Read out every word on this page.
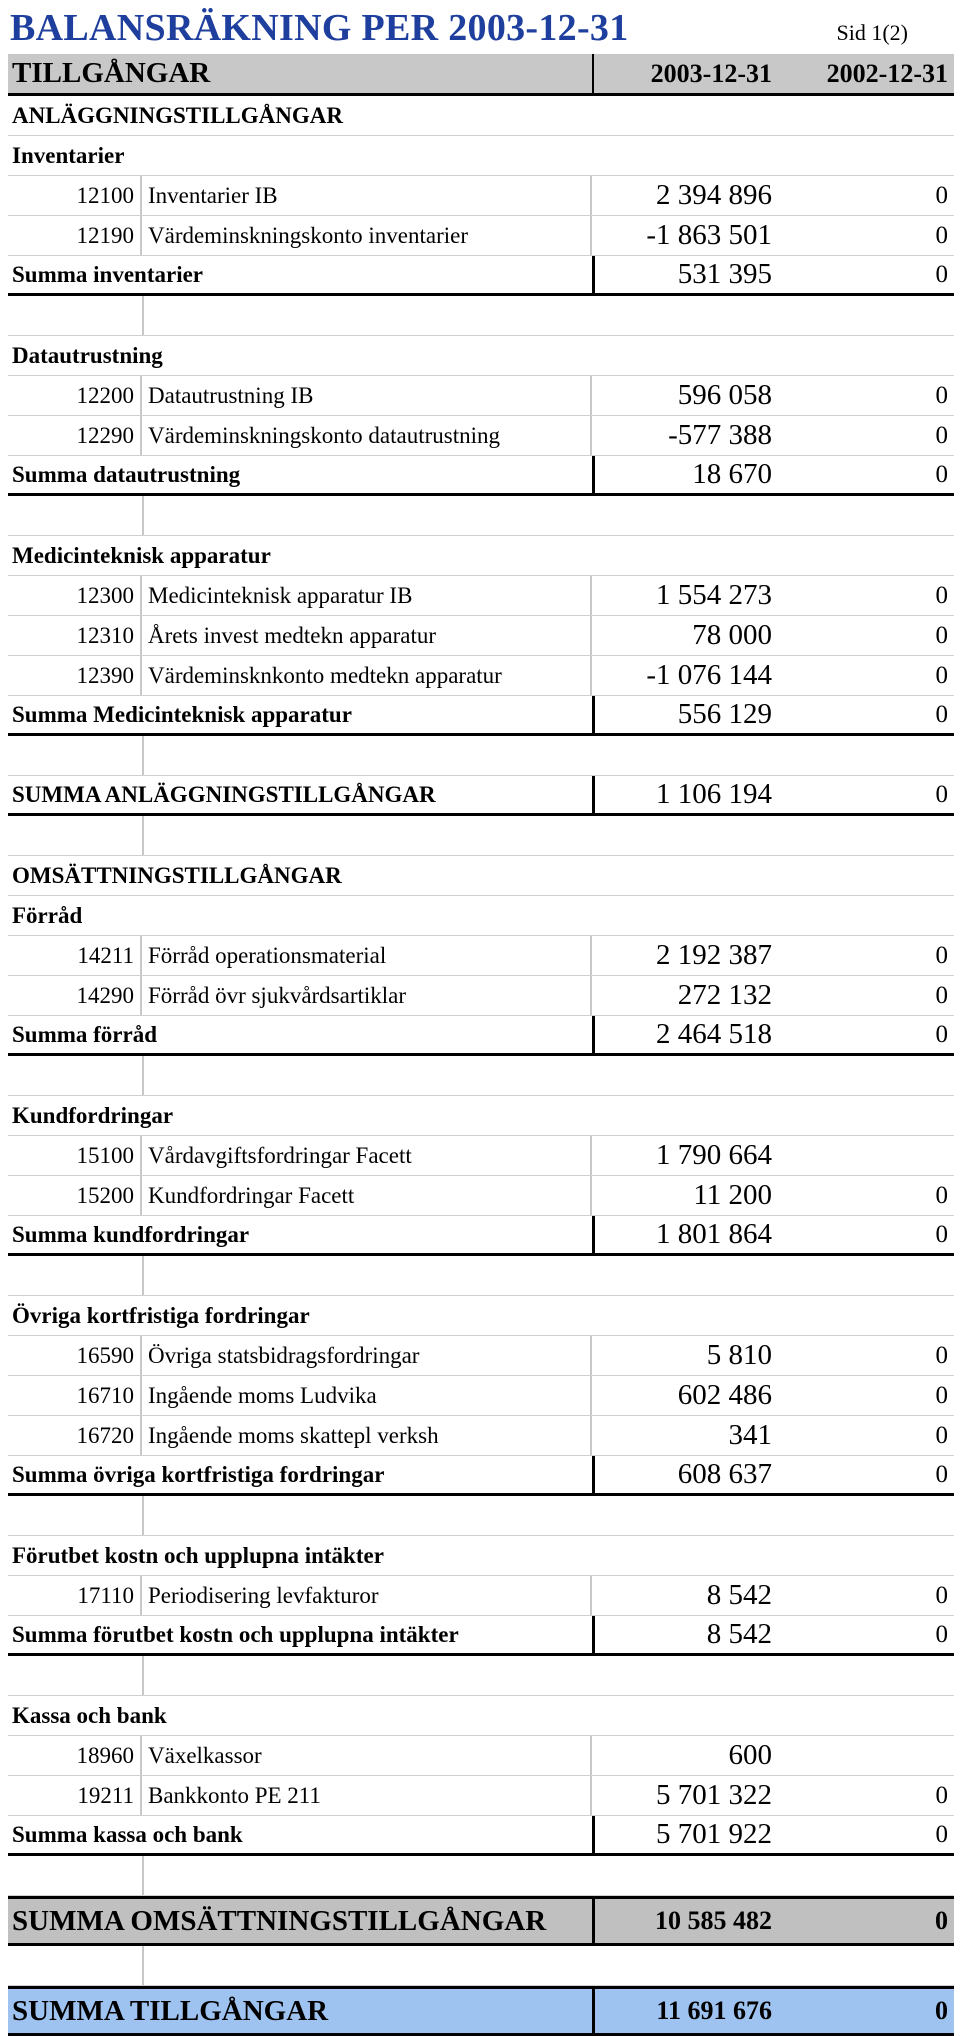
BALANSRÄKNING PER 2003-12-31	Sid 1(2)
TILLGÅNGAR	2003-12-31	2002-12-31
ANLÄGGNINGSTILLGÅNGAR
Inventarier
12100 Inventarier IB	2 394 896	0
12190 Värdeminskningskonto inventarier	-1 863 501	0
Summa inventarier	531 395	0
Datautrustning
12200 Datautrustning IB	596 058	0
12290 Värdeminskningskonto datautrustning	-577 388	0
Summa datautrustning	18 670	0
Medicinteknisk apparatur
12300 Medicinteknisk apparatur IB	1 554 273	0
12310 Årets invest medtekn apparatur	78 000	0
12390 Värdeminsknkonto medtekn apparatur	-1 076 144	0
Summa Medicinteknisk apparatur	556 129	0
SUMMA ANLÄGGNINGSTILLGÅNGAR	1 106 194	0
OMSÄTTNINGSTILLGÅNGAR
Förråd
14211 Förråd operationsmaterial	2 192 387	0
14290 Förråd övr sjukvårdsartiklar	272 132	0
Summa förråd	2 464 518	0
Kundfordringar
15100 Vårdavgiftsfordringar Facett	1 790 664
15200 Kundfordringar Facett	11 200	0
Summa kundfordringar	1 801 864	0
Övriga kortfristiga fordringar
16590 Övriga statsbidragsfordringar	5 810	0
16710 Ingående moms Ludvika	602 486	0
16720 Ingående moms skattepl verksh	341	0
Summa övriga kortfristiga fordringar	608 637	0
Förutbet kostn och upplupna intäkter
17110 Periodisering levfakturor	8 542	0
Summa förutbet kostn och upplupna intäkter	8 542	0
Kassa och bank
18960 Växelkassor	600
19211 Bankkonto PE 211	5 701 322	0
Summa kassa och bank	5 701 922	0
SUMMA OMSÄTTNINGSTILLGÅNGAR	10 585 482	0
SUMMA TILLGÅNGAR	11 691 676	0
